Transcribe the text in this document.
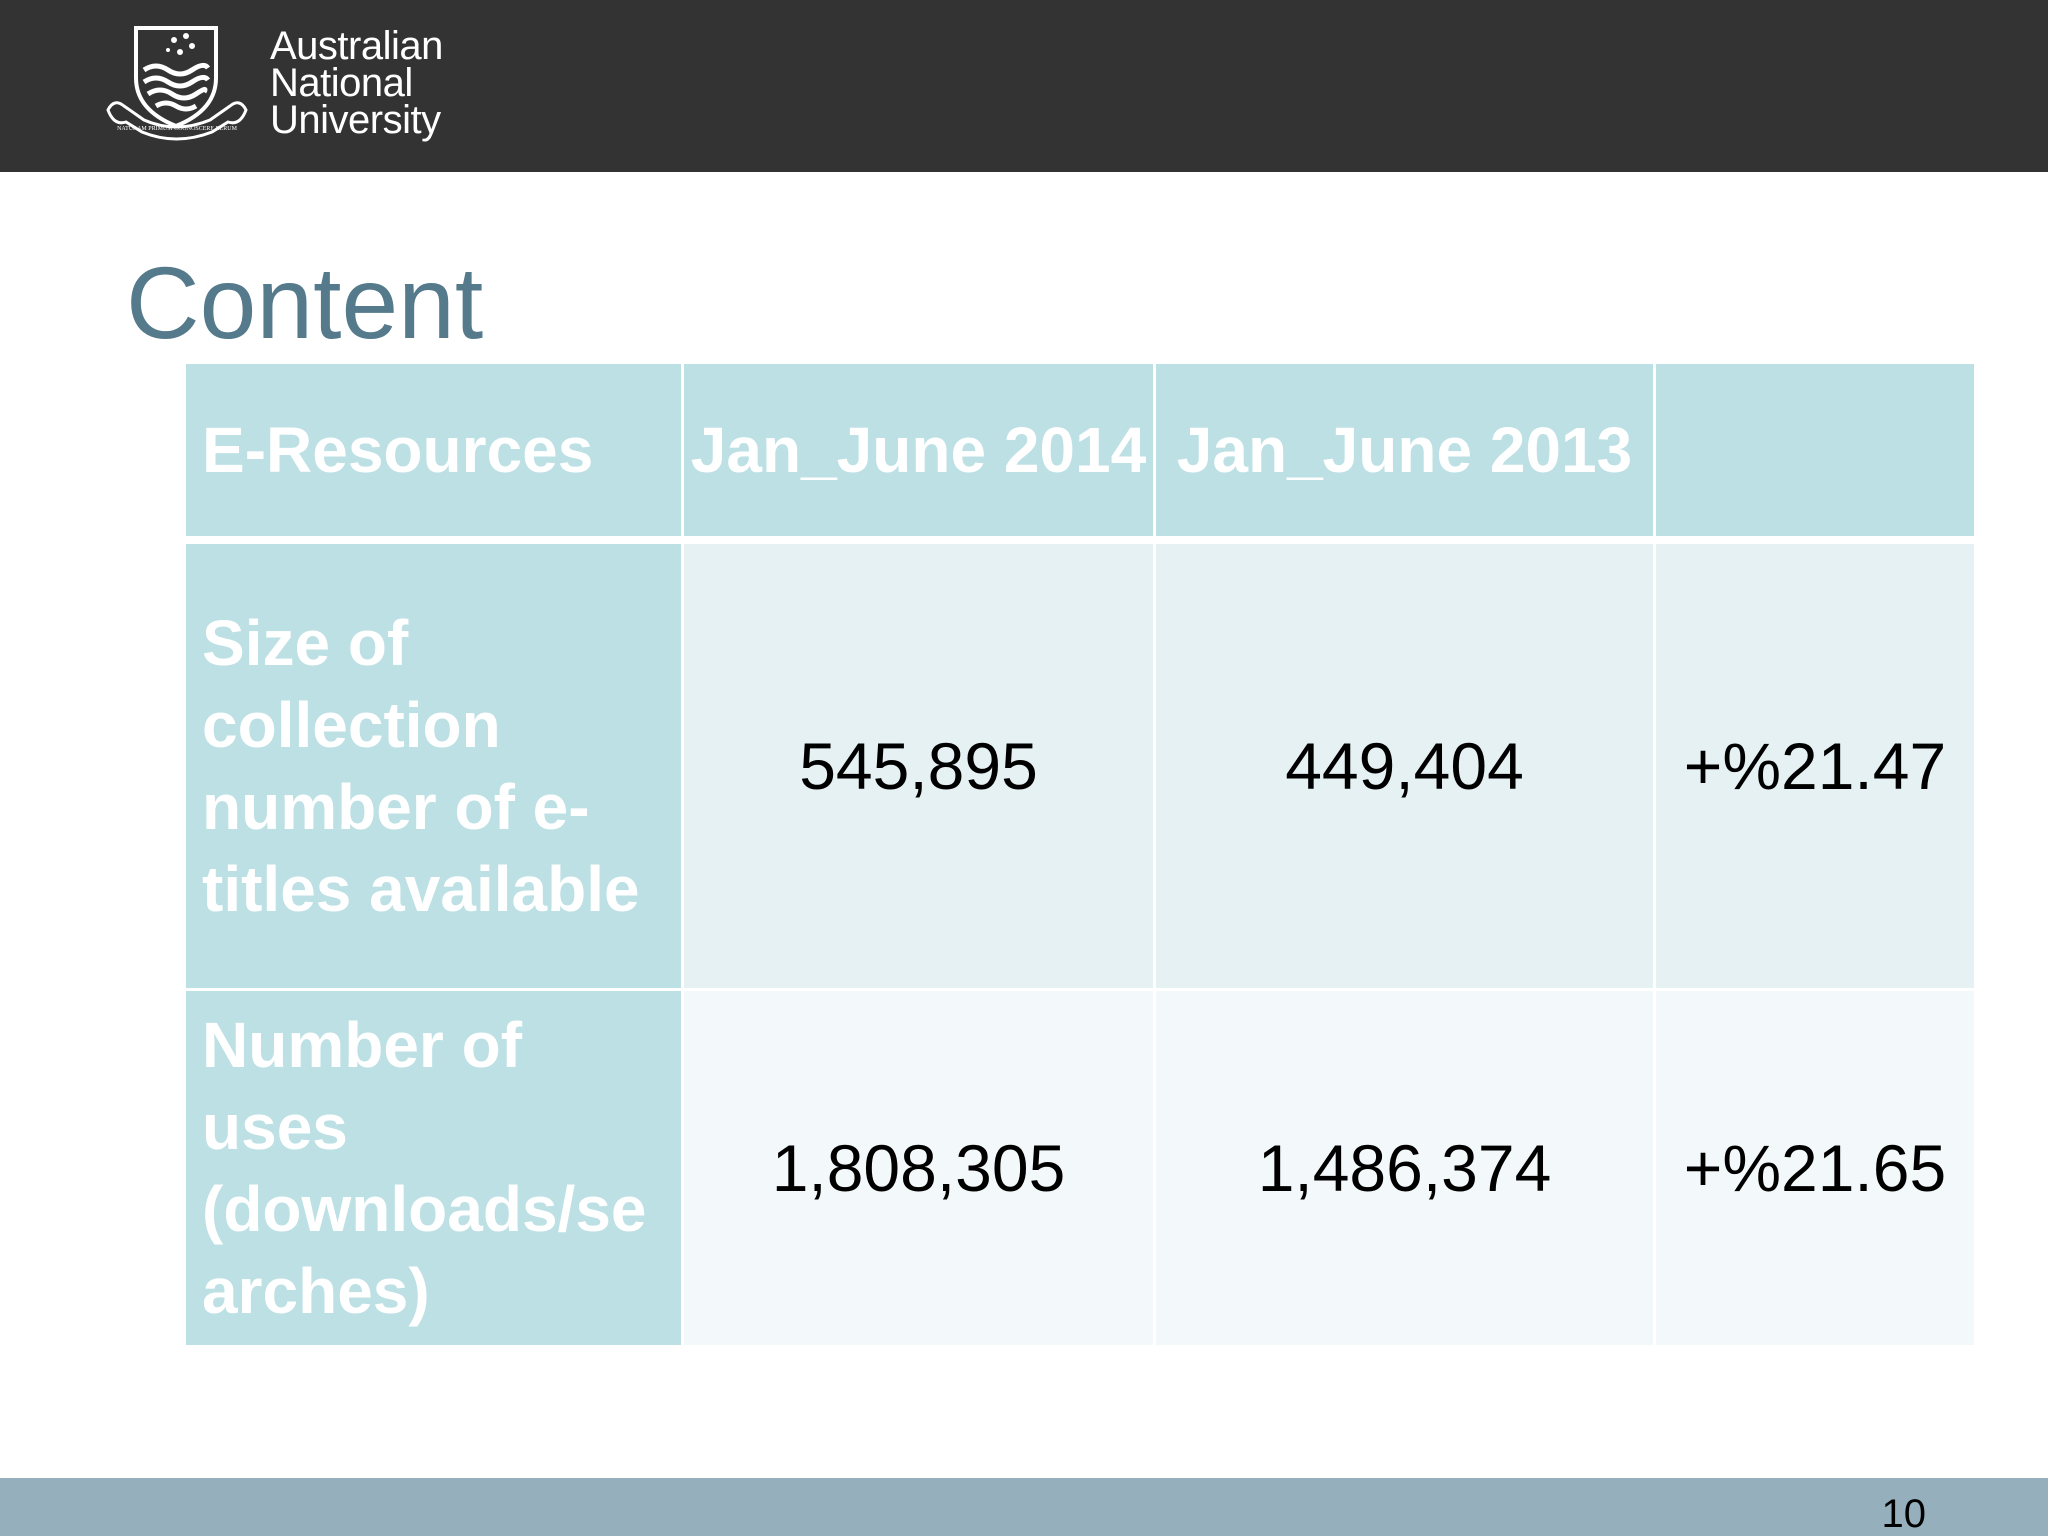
NATURAM PRIMUM COGNOSCERE RERUM
Australian
National
University
Content
E-Resources	Jan_June 2014	Jan_June 2013	
Size of collection number of e-titles available	545,895	449,404	+%21.47
Number of uses (downloads/searches)	1,808,305	1,486,374	+%21.65
10
